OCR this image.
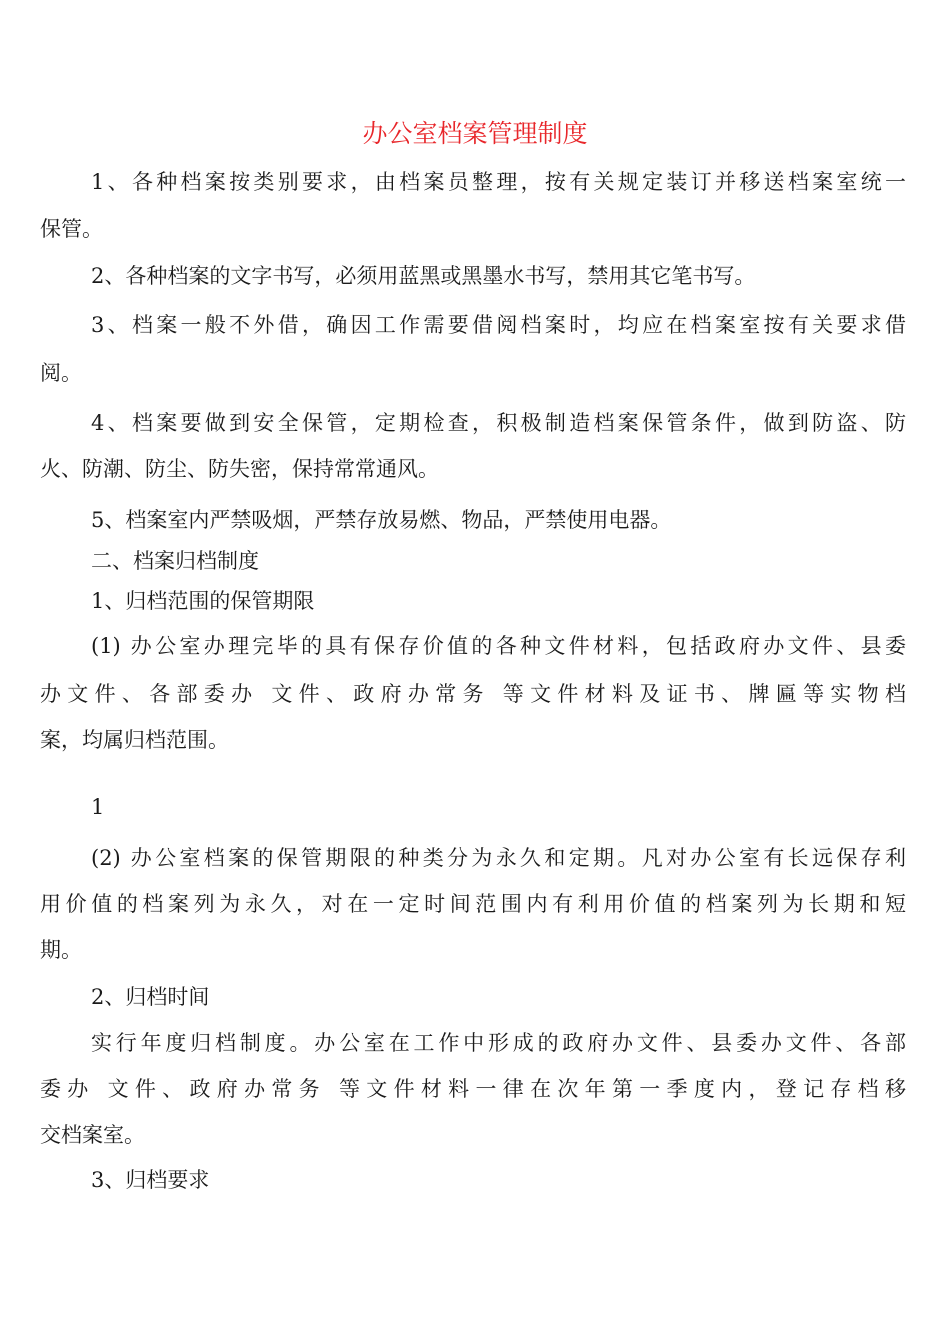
办公室档案管理制度
1、各种档案按类别要求，由档案员整理，按有关规定装订并移送档案室统一
保管。
2、各种档案的文字书写，必须用蓝黑或黑墨水书写，禁用其它笔书写。
3、档案一般不外借，确因工作需要借阅档案时，均应在档案室按有关要求借
阅。
4、档案要做到安全保管，定期检查，积极制造档案保管条件，做到防盗、防
火、防潮、防尘、防失密，保持常常通风。
5、档案室内严禁吸烟，严禁存放易燃、物品，严禁使用电器。
二、档案归档制度
1、归档范围的保管期限
(1) 办公室办理完毕的具有保存价值的各种文件材料，包括政府办文件、县委
办文件、各部委办 文件、政府办常务 等文件材料及证书、牌匾等实物档
案，均属归档范围。
1
(2) 办公室档案的保管期限的种类分为永久和定期。凡对办公室有长远保存利
用价值的档案列为永久，对在一定时间范围内有利用价值的档案列为长期和短
期。
2、归档时间
实行年度归档制度。办公室在工作中形成的政府办文件、县委办文件、各部
委办 文件、政府办常务 等文件材料一律在次年第一季度内，登记存档移
交档案室。
3、归档要求
